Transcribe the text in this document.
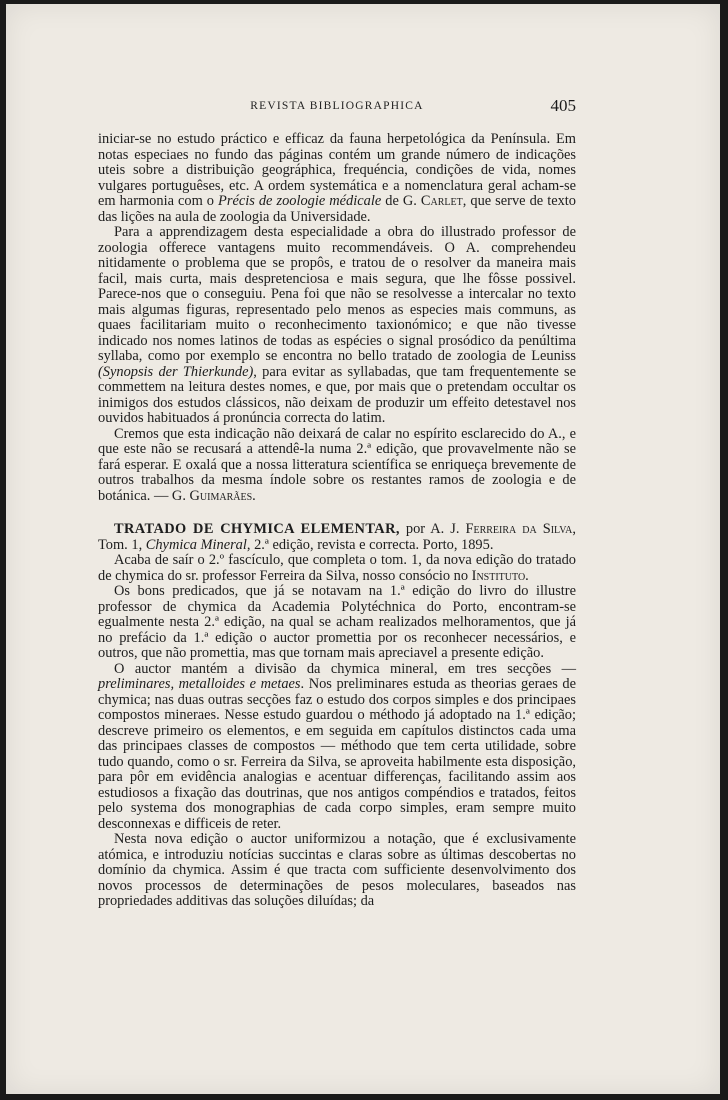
REVISTA BIBLIOGRAPHICA	405

iniciar-se no estudo práctico e efficaz da fauna herpetológica da Península. Em notas especiaes no fundo das páginas contém um grande número de indicações uteis sobre a distribuição geográphica, frequéncia, condições de vida, nomes vulgares portuguêses, etc. A ordem systemática e a nomenclatura geral acham-se em harmonia com o Précis de zoologie médicale de G. Carlet, que serve de texto das lições na aula de zoologia da Universidade.

Para a apprendizagem desta especialidade a obra do illustrado professor de zoologia offerece vantagens muito recommendáveis. O A. comprehendeu nitidamente o problema que se propôs, e tratou de o resolver da maneira mais facil, mais curta, mais despretenciosa e mais segura, que lhe fôsse possivel. Parece-nos que o conseguiu. Pena foi que não se resolvesse a intercalar no texto mais algumas figuras, representado pelo menos as especies mais communs, as quaes facilitariam muito o reconhecimento taxionómico; e que não tivesse indicado nos nomes latinos de todas as espécies o signal prosódico da penúltima syllaba, como por exemplo se encontra no bello tratado de zoologia de Leuniss (Synopsis der Thierkunde), para evitar as syllabadas, que tam frequentemente se commettem na leitura destes nomes, e que, por mais que o pretendam occultar os inimigos dos estudos clássicos, não deixam de produzir um effeito detestavel nos ouvidos habituados á pronúncia correcta do latim.

Cremos que esta indicação não deixará de calar no espírito esclarecido do A., e que este não se recusará a attendê-la numa 2.ª edição, que provavelmente não se fará esperar. E oxalá que a nossa litteratura scientífica se enriqueça brevemente de outros trabalhos da mesma índole sobre os restantes ramos de zoologia e de botánica. — G. Guimarães.

TRATADO DE CHYMICA ELEMENTAR, por A. J. Ferreira da Silva, Tom. 1, Chymica Mineral, 2.ª edição, revista e correcta. Porto, 1895.

Acaba de saír o 2.º fascículo, que completa o tom. 1, da nova edição do tratado de chymica do sr. professor Ferreira da Silva, nosso consócio no Instituto.

Os bons predicados, que já se notavam na 1.ª edição do livro do illustre professor de chymica da Academia Polytéchnica do Porto, encontram-se egualmente nesta 2.ª edição, na qual se acham realizados melhoramentos, que já no prefácio da 1.ª edição o auctor promettia por os reconhecer necessários, e outros, que não promettia, mas que tornam mais apreciavel a presente edição.

O auctor mantém a divisão da chymica mineral, em tres secções — preliminares, metalloides e metaes. Nos preliminares estuda as theorias geraes de chymica; nas duas outras secções faz o estudo dos corpos simples e dos principaes compostos mineraes. Nesse estudo guardou o méthodo já adoptado na 1.ª edição; descreve primeiro os elementos, e em seguida em capítulos distinctos cada uma das principaes classes de compostos — méthodo que tem certa utilidade, sobre tudo quando, como o sr. Ferreira da Silva, se aproveita habilmente esta disposição, para pôr em evidência analogias e acentuar differenças, facilitando assim aos estudiosos a fixação das doutrinas, que nos antigos compéndios e tratados, feitos pelo systema dos monographias de cada corpo simples, eram sempre muito desconnexas e difficeis de reter.

Nesta nova edição o auctor uniformizou a notação, que é exclusivamente atómica, e introduziu notícias succintas e claras sobre as últimas descobertas no domínio da chymica. Assim é que tracta com sufficiente desenvolvimento dos novos processos de determinações de pesos moleculares, baseados nas propriedades additivas das soluções diluídas; da
